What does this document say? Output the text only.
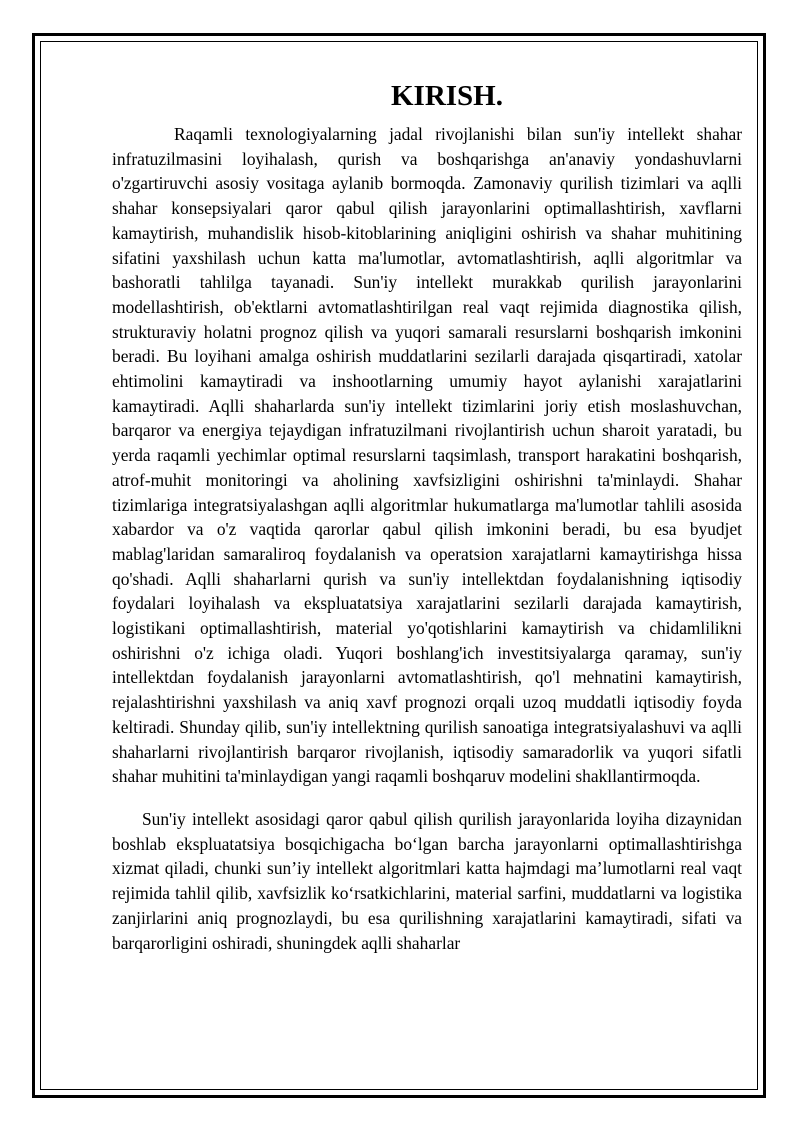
KIRISH.

Raqamli texnologiyalarning jadal rivojlanishi bilan sun'iy intellekt shahar infratuzilmasini loyihalash, qurish va boshqarishga an'anaviy yondashuvlarni o'zgartiruvchi asosiy vositaga aylanib bormoqda. Zamonaviy qurilish tizimlari va aqlli shahar konsepsiyalari qaror qabul qilish jarayonlarini optimallashtirish, xavflarni kamaytirish, muhandislik hisob-kitoblarining aniqligini oshirish va shahar muhitining sifatini yaxshilash uchun katta ma'lumotlar, avtomatlashtirish, aqlli algoritmlar va bashoratli tahlilga tayanadi. Sun'iy intellekt murakkab qurilish jarayonlarini modellashtirish, ob'ektlarni avtomatlashtirilgan real vaqt rejimida diagnostika qilish, strukturaviy holatni prognoz qilish va yuqori samarali resurslarni boshqarish imkonini beradi. Bu loyihani amalga oshirish muddatlarini sezilarli darajada qisqartiradi, xatolar ehtimolini kamaytiradi va inshootlarning umumiy hayot aylanishi xarajatlarini kamaytiradi. Aqlli shaharlarda sun'iy intellekt tizimlarini joriy etish moslashuvchan, barqaror va energiya tejaydigan infratuzilmani rivojlantirish uchun sharoit yaratadi, bu yerda raqamli yechimlar optimal resurslarni taqsimlash, transport harakatini boshqarish, atrof-muhit monitoringi va aholining xavfsizligini oshirishni ta'minlaydi. Shahar tizimlariga integratsiyalashgan aqlli algoritmlar hukumatlarga ma'lumotlar tahlili asosida xabardor va o'z vaqtida qarorlar qabul qilish imkonini beradi, bu esa byudjet mablag'laridan samaraliroq foydalanish va operatsion xarajatlarni kamaytirishga hissa qo'shadi. Aqlli shaharlarni qurish va sun'iy intellektdan foydalanishning iqtisodiy foydalari loyihalash va ekspluatatsiya xarajatlarini sezilarli darajada kamaytirish, logistikani optimallashtirish, material yo'qotishlarini kamaytirish va chidamlilikni oshirishni o'z ichiga oladi. Yuqori boshlang'ich investitsiyalarga qaramay, sun'iy intellektdan foydalanish jarayonlarni avtomatlashtirish, qo'l mehnatini kamaytirish, rejalashtirishni yaxshilash va aniq xavf prognozi orqali uzoq muddatli iqtisodiy foyda keltiradi. Shunday qilib, sun'iy intellektning qurilish sanoatiga integratsiyalashuvi va aqlli shaharlarni rivojlantirish barqaror rivojlanish, iqtisodiy samaradorlik va yuqori sifatli shahar muhitini ta'minlaydigan yangi raqamli boshqaruv modelini shakllantirmoqda.

Sun'iy intellekt asosidagi qaror qabul qilish qurilish jarayonlarida loyiha dizaynidan boshlab ekspluatatsiya bosqichigacha bo‘lgan barcha jarayonlarni optimallashtirishga xizmat qiladi, chunki sun’iy intellekt algoritmlari katta hajmdagi ma’lumotlarni real vaqt rejimida tahlil qilib, xavfsizlik ko‘rsatkichlarini, material sarfini, muddatlarni va logistika zanjirlarini aniq prognozlaydi, bu esa qurilishning xarajatlarini kamaytiradi, sifati va barqarorligini oshiradi, shuningdek aqlli shaharlar
